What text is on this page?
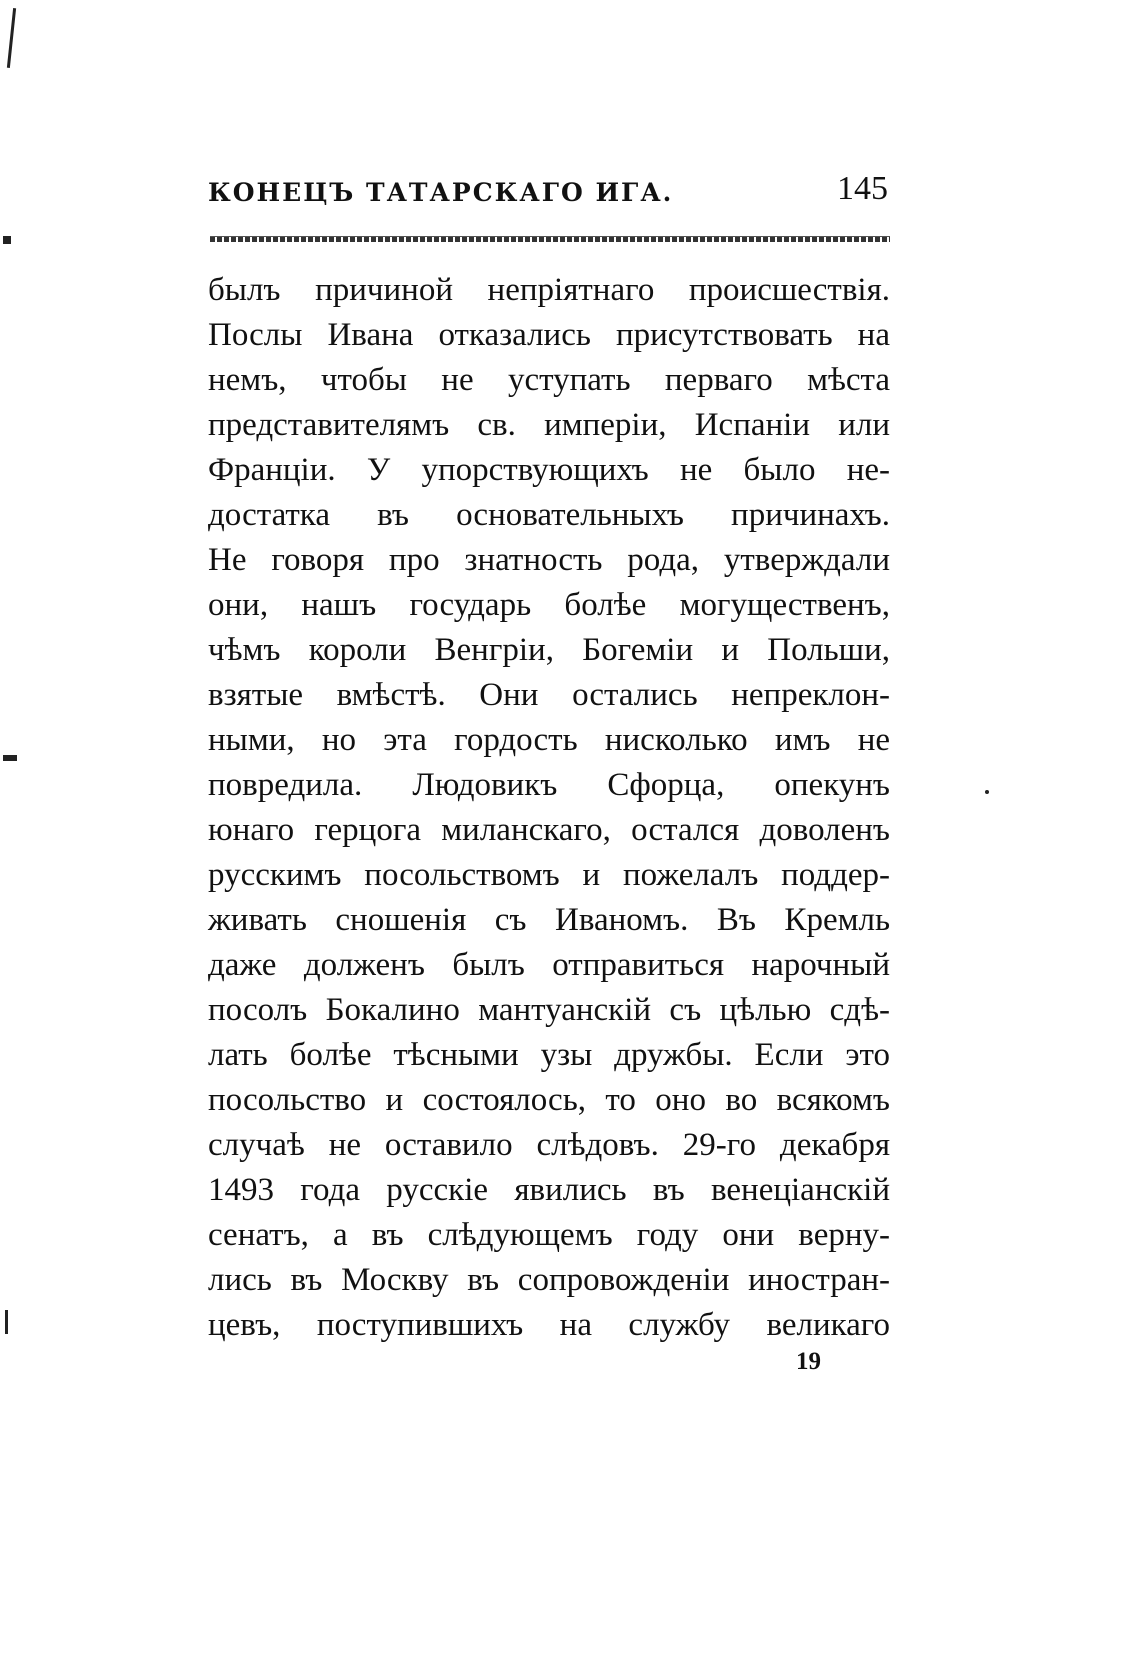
КОНЕЦЪ ТАТАРСКАГО ИГА.	145
былъ причиной непріятнаго происшествія.
Послы Ивана отказались присутствовать на
немъ, чтобы не уступать перваго мѣста
представителямъ св. имперіи, Испаніи или
Франціи. У упорствующихъ не было не-
достатка въ основательныхъ причинахъ.
Не говоря про знатность рода, утверждали
они, нашъ государь болѣе могущественъ,
чѣмъ короли Венгріи, Богеміи и Польши,
взятые вмѣстѣ. Они остались непреклон-
ными, но эта гордость нисколько имъ не
повредила. Людовикъ Сфорца, опекунъ
юнаго герцога миланскаго, остался доволенъ
русскимъ посольствомъ и пожелалъ поддер-
живать сношенія съ Иваномъ. Въ Кремль
даже долженъ былъ отправиться нарочный
посолъ Бокалино мантуанскій съ цѣлью сдѣ-
лать болѣе тѣсными узы дружбы. Если это
посольство и состоялось, то оно во всякомъ
случаѣ не оставило слѣдовъ. 29-го декабря
1493 года русскіе явились въ венеціанскій
сенатъ, а въ слѣдующемъ году они верну-
лись въ Москву въ сопровожденіи иностран-
цевъ, поступившихъ на службу великаго
19
